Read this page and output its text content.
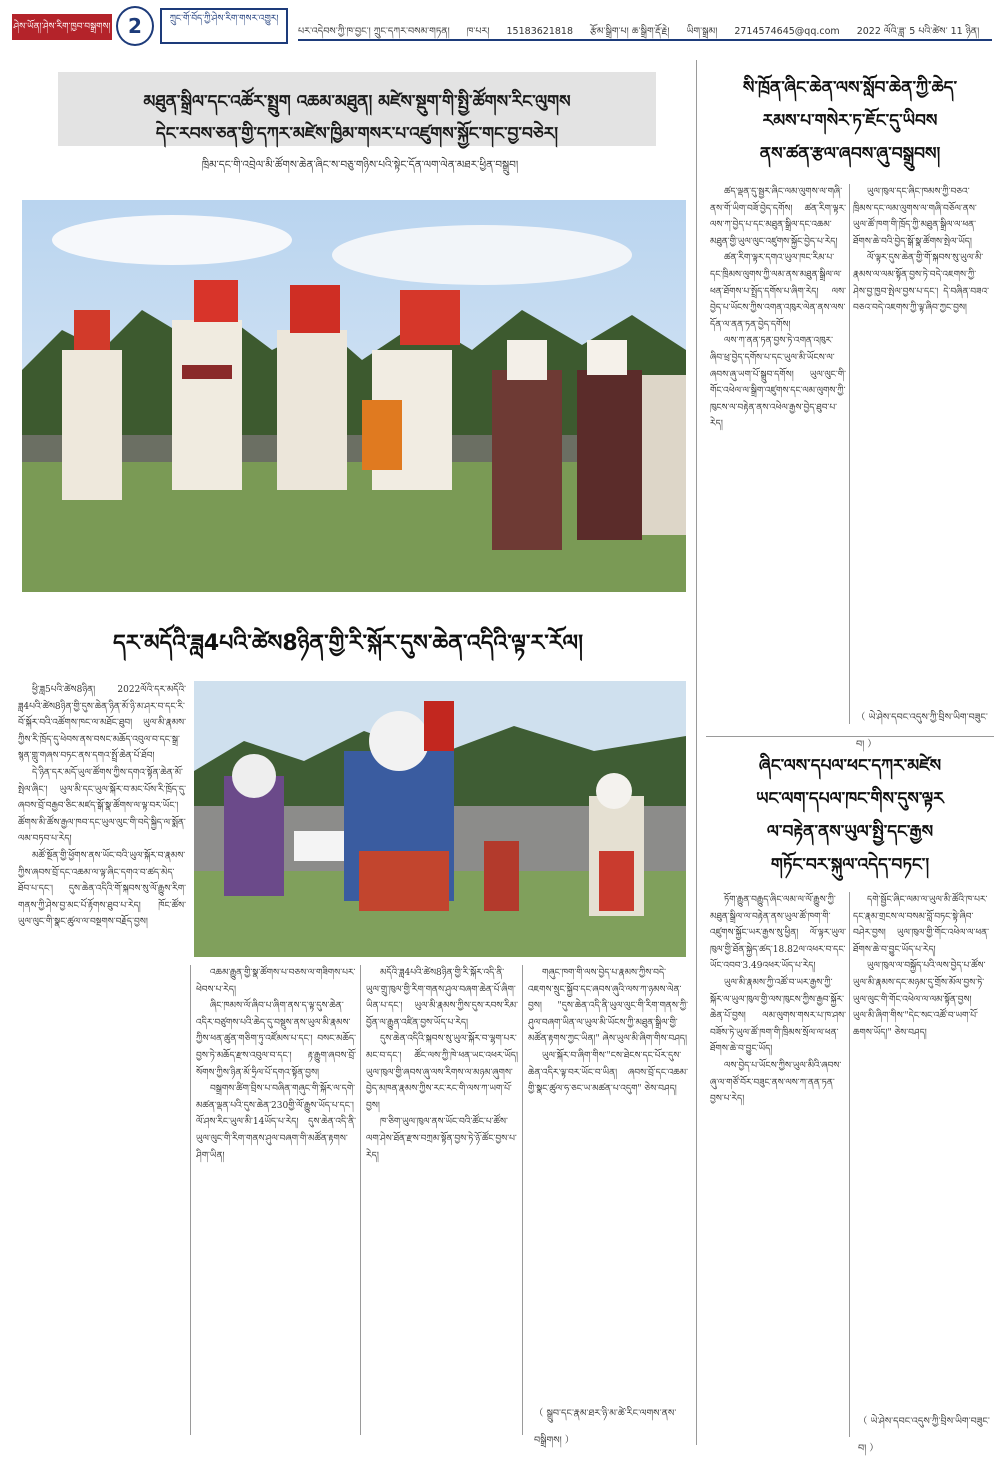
ཤེས་ཡོན།་ཤེས་རིག་ཁྱབ་བསྒྲགས། 2	ཀྲུང་གོ་བོད་ཀྱི་ཤེས་རིག་གསར་འགྱུར།
པར་འདེབས་ཀྱི་ཁ་བྱང་། ཀྲུང་དཀར་བསམ་གཏན། ཁ་པར། 15183621818 རྩོམ་སྒྲིག་པ། ཆ་སྒྲིག་རྡོ་རྗེ། ཡིག་སྒྲམ། 2714574645@qq.com 2022 ལོའི་ཟླ་ 5 པའི་ཚེས་ 11 ཉིན།
མཐུན་སྒྲིལ་དང་འཚོར་སྤྲུག འཆམ་མཐུན། མཛེས་སྡུག་གི་སྤྱི་ཚོགས་རིང་ལུགས
དེང་རབས་ཅན་གྱི་དཀར་མཛེས་ཁྱིམ་གསར་པ་འཛུགས་སྐྱོང་གང་བྱ་བཅེར།
ཁྲིམ་དང་གི་འབྲེལ་མི་ཚོགས་ཆེན་ཞིང་ས་བཅུ་གཉིས་པའི་སྟེང་དོན་ལག་ལེན་མཐར་ཕྱིན་བསྒྲུབ།
དར་མདོའི་ཟླ4པའི་ཚེས8ཉིན་གྱི་རི་སྐོར་དུས་ཆེན་འདིའི་ལྟ་ར་རོལ།

ཕྱི་ཟླ5པའི་ཚེས8ཉིན། 2022ལོའི་དར་མདོའི་ཟླ4པའི་ཚེས8ཉིན་གྱི་དུས་ཆེན་ཉིན་མོ་ཉི་མ་ཤར་བ་དང་རི་བོ་སྐོར་བའི་འཚོགས་ཁང་ལ་མཐོང་ཐུབ། ཡུལ་མི་རྣམས་ཀྱིས་རི་ཁྲོད་དུ་ཕེབས་ནས་བསང་མཆོད་འབུལ་བ་དང་སྒྲ་སྙན་གླུ་གཞས་བཏང་ནས་དགའ་སྤྲོ་ཆེན་པོ་ཐོབ།

དེ་ཉིན་དར་མདོ་ཡུལ་ཚོགས་ཀྱིས་དགའ་སྟོན་ཆེན་མོ་སྤེལ་ཞིང་། ཡུལ་མི་དང་ཡུལ་སྐོར་བ་མང་པོས་རི་ཁྲོད་དུ་ཞབས་བྲོ་བརྒྱབ་ཅིང་མཛད་སྒོ་སྣ་ཚོགས་ལ་ལྟ་བར་ཡོང་། ཚོགས་མི་ཚོས་རྒྱལ་ཁབ་དང་ཡུལ་ལུང་གི་བདེ་སྐྱིད་ལ་སྨོན་ལམ་བཏབ་པ་རེད།

མཚོ་སྔོན་གྱི་ཕྱོགས་ནས་ཡོང་བའི་ཡུལ་སྐོར་བ་རྣམས་ཀྱིས་ཞབས་བྲོ་དང་འཆམ་ལ་ལྟ་ཞིང་དགའ་བ་ཚད་མེད་ཐོབ་པ་དང་། དུས་ཆེན་འདིའི་གོ་སྐབས་སུ་ལོ་རྒྱུས་རིག་གནས་ཀྱི་ཤེས་བྱ་མང་པོ་རྟོགས་ཐུབ་པ་རེད། ཁོང་ཚོས་ཡུལ་ལུང་གི་སྣང་ཚུལ་ལ་བསྔགས་བརྗོད་བྱས།

འཆམ་རྒྱུན་གྱི་སྣ་ཚོགས་པ་བཅས་ལ་གཟིགས་པར་ཕེབས་པ་རེད།

ཞིང་ཁམས་ལོ་ཞིབ་པ་ཞིག་ནས་ད་ལྟ་དུས་ཆེན་འདིར་བཙུགས་པའི་ཆེད་དུ་བསྡུས་ནས་ཡུལ་མི་རྣམས་ཀྱིས་ཕན་ཚུན་གཅིག་ཏུ་འཛོམས་པ་དང་། བསང་མཆོད་བྱས་ཏེ་མཆོད་རྫས་འབུལ་བ་དང་། རྟ་རྒྱུག་ཞབས་བྲོ་སོགས་ཀྱིས་ཉིན་མོ་ཧྲིལ་པོ་དགའ་སྟོན་བྱས།

བསྒྲགས་ཚིག་བྲིས་པ་བཞིན་གཞུང་གི་སྐོར་ལ་དགེ་མཚན་ལྡན་པའི་དུས་ཆེན་230གྱི་ལོ་རྒྱུས་ཡོད་པ་དང་། ལོ་ཤས་རིང་ཡུལ་མི་14ཡོད་པ་རེད། དུས་ཆེན་འདི་ནི་ཡུལ་ལུང་གི་རིག་གནས་ཤུལ་བཞག་གི་མཚོན་རྟགས་ཤིག་ཡིན།

མདོའི་ཟླ4པའི་ཚེས8ཉིན་གྱི་རི་སྐོར་འདི་ནི་ཡུལ་གྲུ་ཁུལ་གྱི་རིག་གནས་ཤུལ་བཞག་ཆེན་པོ་ཞིག་ཡིན་པ་དང་། ཡུལ་མི་རྣམས་ཀྱིས་དུས་རབས་རིམ་བྱོན་ལ་རྒྱུན་འཛིན་བྱས་ཡོད་པ་རེད།

དུས་ཆེན་འདིའི་སྐབས་སུ་ཡུལ་སྐོར་བ་ལྷག་པར་མང་བ་དང་། ཚོང་ལས་ཀྱི་ཁེ་ཕན་ཡང་འཕར་ཡོད། ཡུལ་ཁུལ་གྱི་ཞབས་ཞུ་ལས་རིགས་ལ་མཉམ་ཞུགས་བྱེད་མཁན་རྣམས་ཀྱིས་རང་རང་གི་ལས་ཀ་ཡག་པོ་བྱས།

ཁ་ཅིག་ཡུལ་ཁུལ་ནས་ཡོང་བའི་ཚོང་པ་ཚོས་ལག་ཤེས་ཐོན་རྫས་བཀྲམ་སྟོན་བྱས་ཏེ་ཉོ་ཚོང་བྱས་པ་རེད།

གཞུང་ཁག་གི་ལས་བྱེད་པ་རྣམས་ཀྱིས་བདེ་འཇགས་སྲུང་སྐྱོབ་དང་ཞབས་ཞུའི་ལས་ཀ་ཉམས་ལེན་བྱས། "དུས་ཆེན་འདི་ནི་ཡུལ་ལུང་གི་རིག་གནས་ཀྱི་ཤུལ་བཞག་ཡིན་ལ་ཡུལ་མི་ཡོངས་ཀྱི་མཐུན་སྒྲིལ་གྱི་མཚོན་རྟགས་ཀྱང་ཡིན།" ཞེས་ཡུལ་མི་ཞིག་གིས་བཤད།

ཡུལ་སྐོར་བ་ཞིག་གིས་"ངས་ཐེངས་དང་པོར་དུས་ཆེན་འདིར་ལྟ་བར་ཡོང་བ་ཡིན། ཞབས་བྲོ་དང་འཆམ་གྱི་སྣང་ཚུལ་ཧ་ཅང་ཡ་མཚན་པ་འདུག" ཅེས་བཤད།

（ སྒྲུབ་དང་རྣམ་ཐར་ཉི་མ་ཚེ་རིང་ལགས་ནས་བསྒྲིགས། ）
སི་ཁྲོན་ཞིང་ཆེན་ལས་སློབ་ཆེན་ཀྱི་ཆེད་
རམས་པ་གསེར་ཏ་ཇོང་དུ་ཡིབས
ནས་ཚན་རྩལ་ཞབས་ཞུ་བསྒྲུབས།

ཚད་ལྡན་དུ་སྦྱར་ཞིང་ལམ་ལུགས་ལ་གཞི་ནས་གོ་ཡིག་བཟོ་བྱེད་དགོས། ཚན་རིག་ལྟར་ལས་ཀ་བྱེད་པ་དང་མཐུན་སྒྲིལ་དང་འཆམ་མཐུན་གྱི་ཡུལ་ལུང་འཛུགས་སྐྱོང་བྱེད་པ་རེད།

ཚན་རིག་ལྟར་དགའ་ཡུལ་ཁང་རིམ་པ་དང་ཁྲིམས་ལུགས་ཀྱི་ལམ་ནས་མཐུན་སྒྲིལ་ལ་ཕན་ཐོགས་པ་སྤྲོད་དགོས་པ་ཞིག་རེད། ལས་བྱེད་པ་ཡོངས་ཀྱིས་འགན་འཁུར་ལེན་ནས་ལས་དོན་ལ་ནན་ཏན་བྱེད་དགོས།

ལས་ཀ་ནན་ཏན་བྱས་ཏེ་འགན་འཁུར་ཞིབ་ཕྲ་བྱེད་དགོས་པ་དང་ཡུལ་མི་ཡོངས་ལ་ཞབས་ཞུ་ཡག་པོ་སྒྲུབ་དགོས། ཡུལ་ལུང་གི་གོང་འཕེལ་ལ་སྒྲིག་འཛུགས་དང་ལམ་ལུགས་ཀྱི་ཁུངས་ལ་བརྟེན་ནས་འཕེལ་རྒྱས་བྱེད་ཐུབ་པ་རེད།

ཡུལ་ཁུལ་དང་ཞིང་ཁམས་ཀྱི་བཅའ་ཁྲིམས་དང་ལམ་ལུགས་ལ་གཞི་བཅོལ་ནས་ཡུལ་ཚོ་ཁག་གི་ཁྲོད་ཀྱི་མཐུན་སྒྲིལ་ལ་ཕན་ཐོགས་ཆེ་བའི་བྱེད་སྒོ་སྣ་ཚོགས་སྤེལ་ཡོད།

ལོ་ལྟར་དུས་ཆེན་གྱི་གོ་སྐབས་སུ་ཡུལ་མི་རྣམས་ལ་ལམ་སྟོན་བྱས་ཏེ་བདེ་འཇགས་ཀྱི་ཤེས་བྱ་ཁྱབ་སྤེལ་བྱས་པ་དང་། དེ་བཞིན་བཟའ་བཅའ་བདེ་འཇགས་ཀྱི་ལྟ་ཞིབ་ཀྱང་བྱས།

（ ཡེ་ཤེས་དབང་འདུས་ཀྱི་བྲིས་ཡིག་བཟུང་བ། ）
ཞིང་ལས་དཔལ་ཕང་དཀར་མཛེས
ཡང་ལག་དཔལ་ཁང་གིས་དུས་ལྟར
ལ་བརྟེན་ནས་ཡུལ་སྤྱི་དང་རྒྱས
གཏོང་བར་སྐུལ་འདེད་བཏང་།

ཏོག་རྒྱུན་བརྒྱུད་ཞིང་ལམ་ལ་ལོ་རྒྱུས་ཀྱི་མཐུན་སྒྲིལ་ལ་བརྟེན་ནས་ཡུལ་ཚོ་ཁག་གི་འཛུགས་སྐྱོང་ཡར་རྒྱས་སུ་ཕྱིན། ལོ་ལྟར་ཡུལ་ཁུལ་གྱི་ཐོན་སྐྱེད་ཚད་18.82ལ་འཕར་བ་དང་ཡོང་འབབ་3.49འཕར་ཡོད་པ་རེད།

ཡུལ་མི་རྣམས་ཀྱི་འཚོ་བ་ཡར་རྒྱས་ཀྱི་སྐོར་ལ་ཡུལ་ཁུལ་གྱི་ལས་ཁུངས་ཀྱིས་རྒྱབ་སྐྱོར་ཆེན་པོ་བྱས། ལམ་ལུགས་གསར་པ་ཁ་ཤས་བཟོས་ཏེ་ཡུལ་ཚོ་ཁག་གི་ཁྲིམས་སྲོལ་ལ་ཕན་ཐོགས་ཆེ་བ་བྱུང་ཡོད།

ལས་བྱེད་པ་ཡོངས་ཀྱིས་ཡུལ་མིའི་ཞབས་ཞུ་ལ་གཙོ་བོར་བཟུང་ནས་ལས་ཀ་ནན་ཏན་བྱས་པ་རེད།

དགེ་སྦྱོང་ཞིང་ལམ་ལ་ཡུལ་མི་ཚོའི་ཁ་པར་དང་རྣམ་གྲངས་ལ་བསམ་བློ་བཏང་སྟེ་ཞིབ་བཤེར་བྱས། ཡུལ་ཁུལ་གྱི་གོང་འཕེལ་ལ་ཕན་ཐོགས་ཆེ་བ་བྱུང་ཡོད་པ་རེད།

ཡུལ་ཁུལ་ལ་བསྐྱོད་པའི་ལས་བྱེད་པ་ཚོས་ཡུལ་མི་རྣམས་དང་མཉམ་དུ་གྲོས་མོལ་བྱས་ཏེ་ཡུལ་ལུང་གི་གོང་འཕེལ་ལ་ལམ་སྟོན་བྱས། ཡུལ་མི་ཞིག་གིས་"དེང་སང་འཚོ་བ་ཡག་པོ་ཆགས་ཡོད།" ཅེས་བཤད།

（ ཡེ་ཤེས་དབང་འདུས་ཀྱི་བྲིས་ཡིག་བཟུང་བ། ）
